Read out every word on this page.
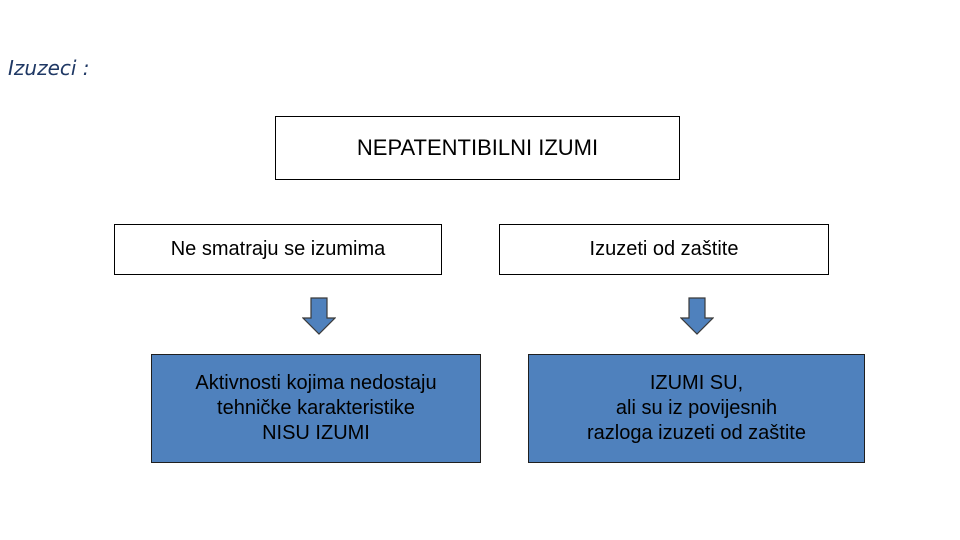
Izuzeci :
NEPATENTIBILNI IZUMI
Ne smatraju se izumima	Izuzeti od zaštite
Aktivnosti kojima nedostaju
tehničke karakteristike
NISU IZUMI
IZUMI SU,
ali su iz povijesnih
razloga izuzeti od zaštite
